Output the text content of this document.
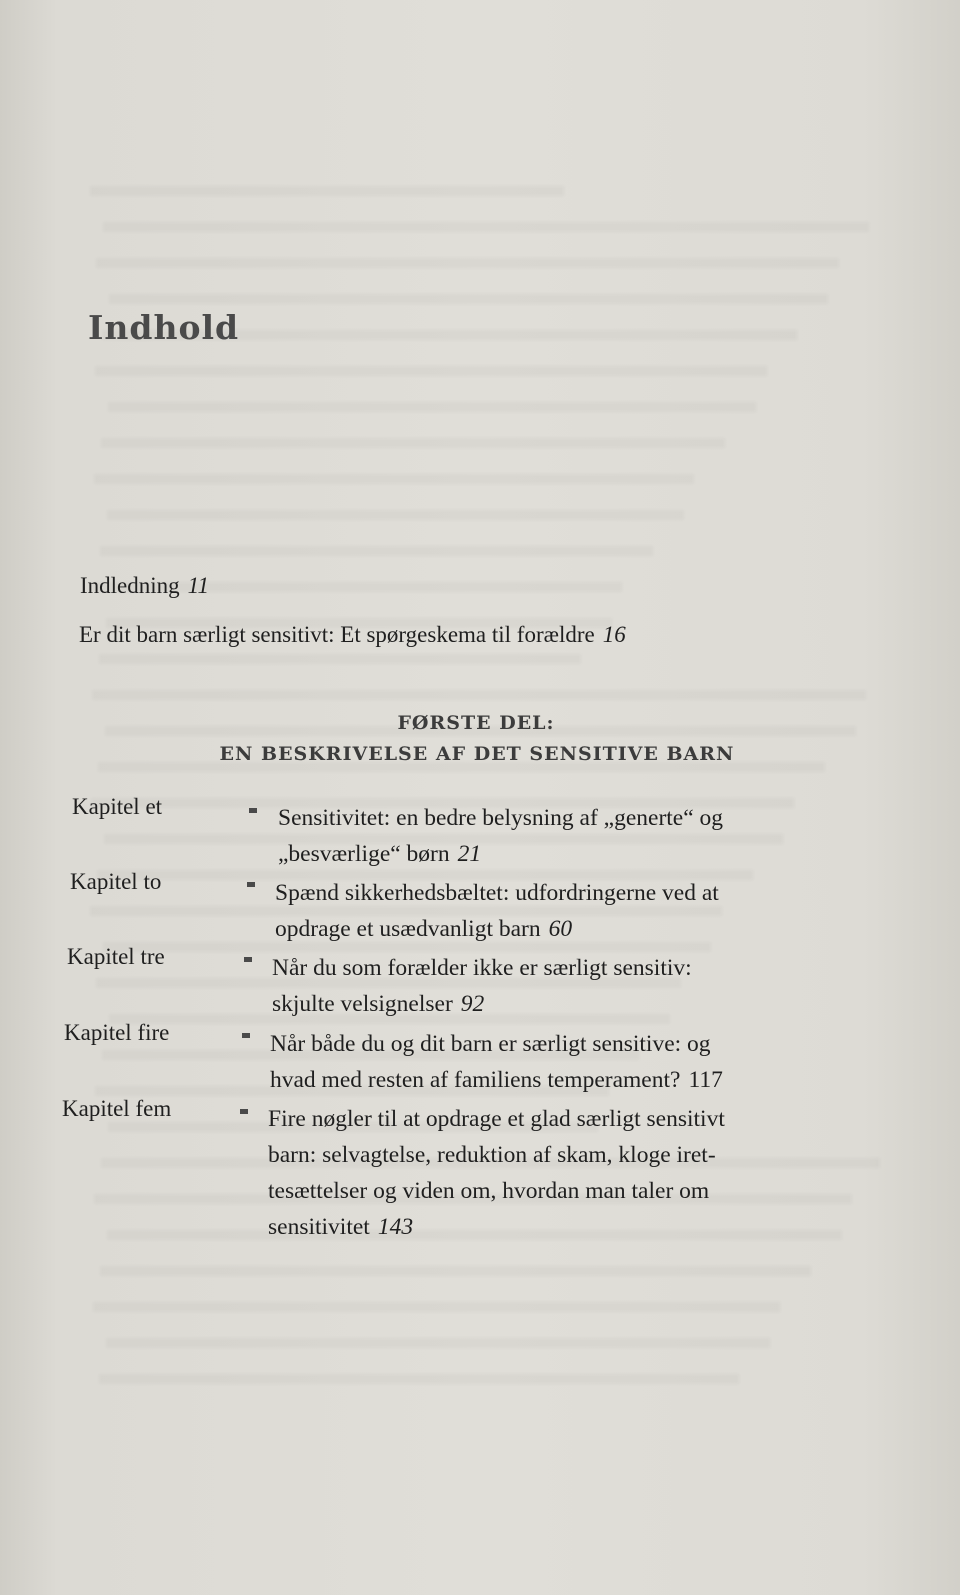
Indhold
Indledning 11
Er dit barn særligt sensitivt: Et spørgeskema til forældre 16
FØRSTE DEL:
EN BESKRIVELSE AF DET SENSITIVE BARN
Kapitel et	Sensitivitet: en bedre belysning af „generte“ og
„besværlige“ børn 21
Kapitel to	Spænd sikkerhedsbæltet: udfordringerne ved at
opdrage et usædvanligt barn 60
Kapitel tre	Når du som forælder ikke er særligt sensitiv:
skjulte velsignelser 92
Kapitel fire	Når både du og dit barn er særligt sensitive: og
hvad med resten af familiens temperament? 117
Kapitel fem	Fire nøgler til at opdrage et glad særligt sensitivt
barn: selvagtelse, reduktion af skam, kloge iret-
tesættelser og viden om, hvordan man taler om
sensitivitet 143
